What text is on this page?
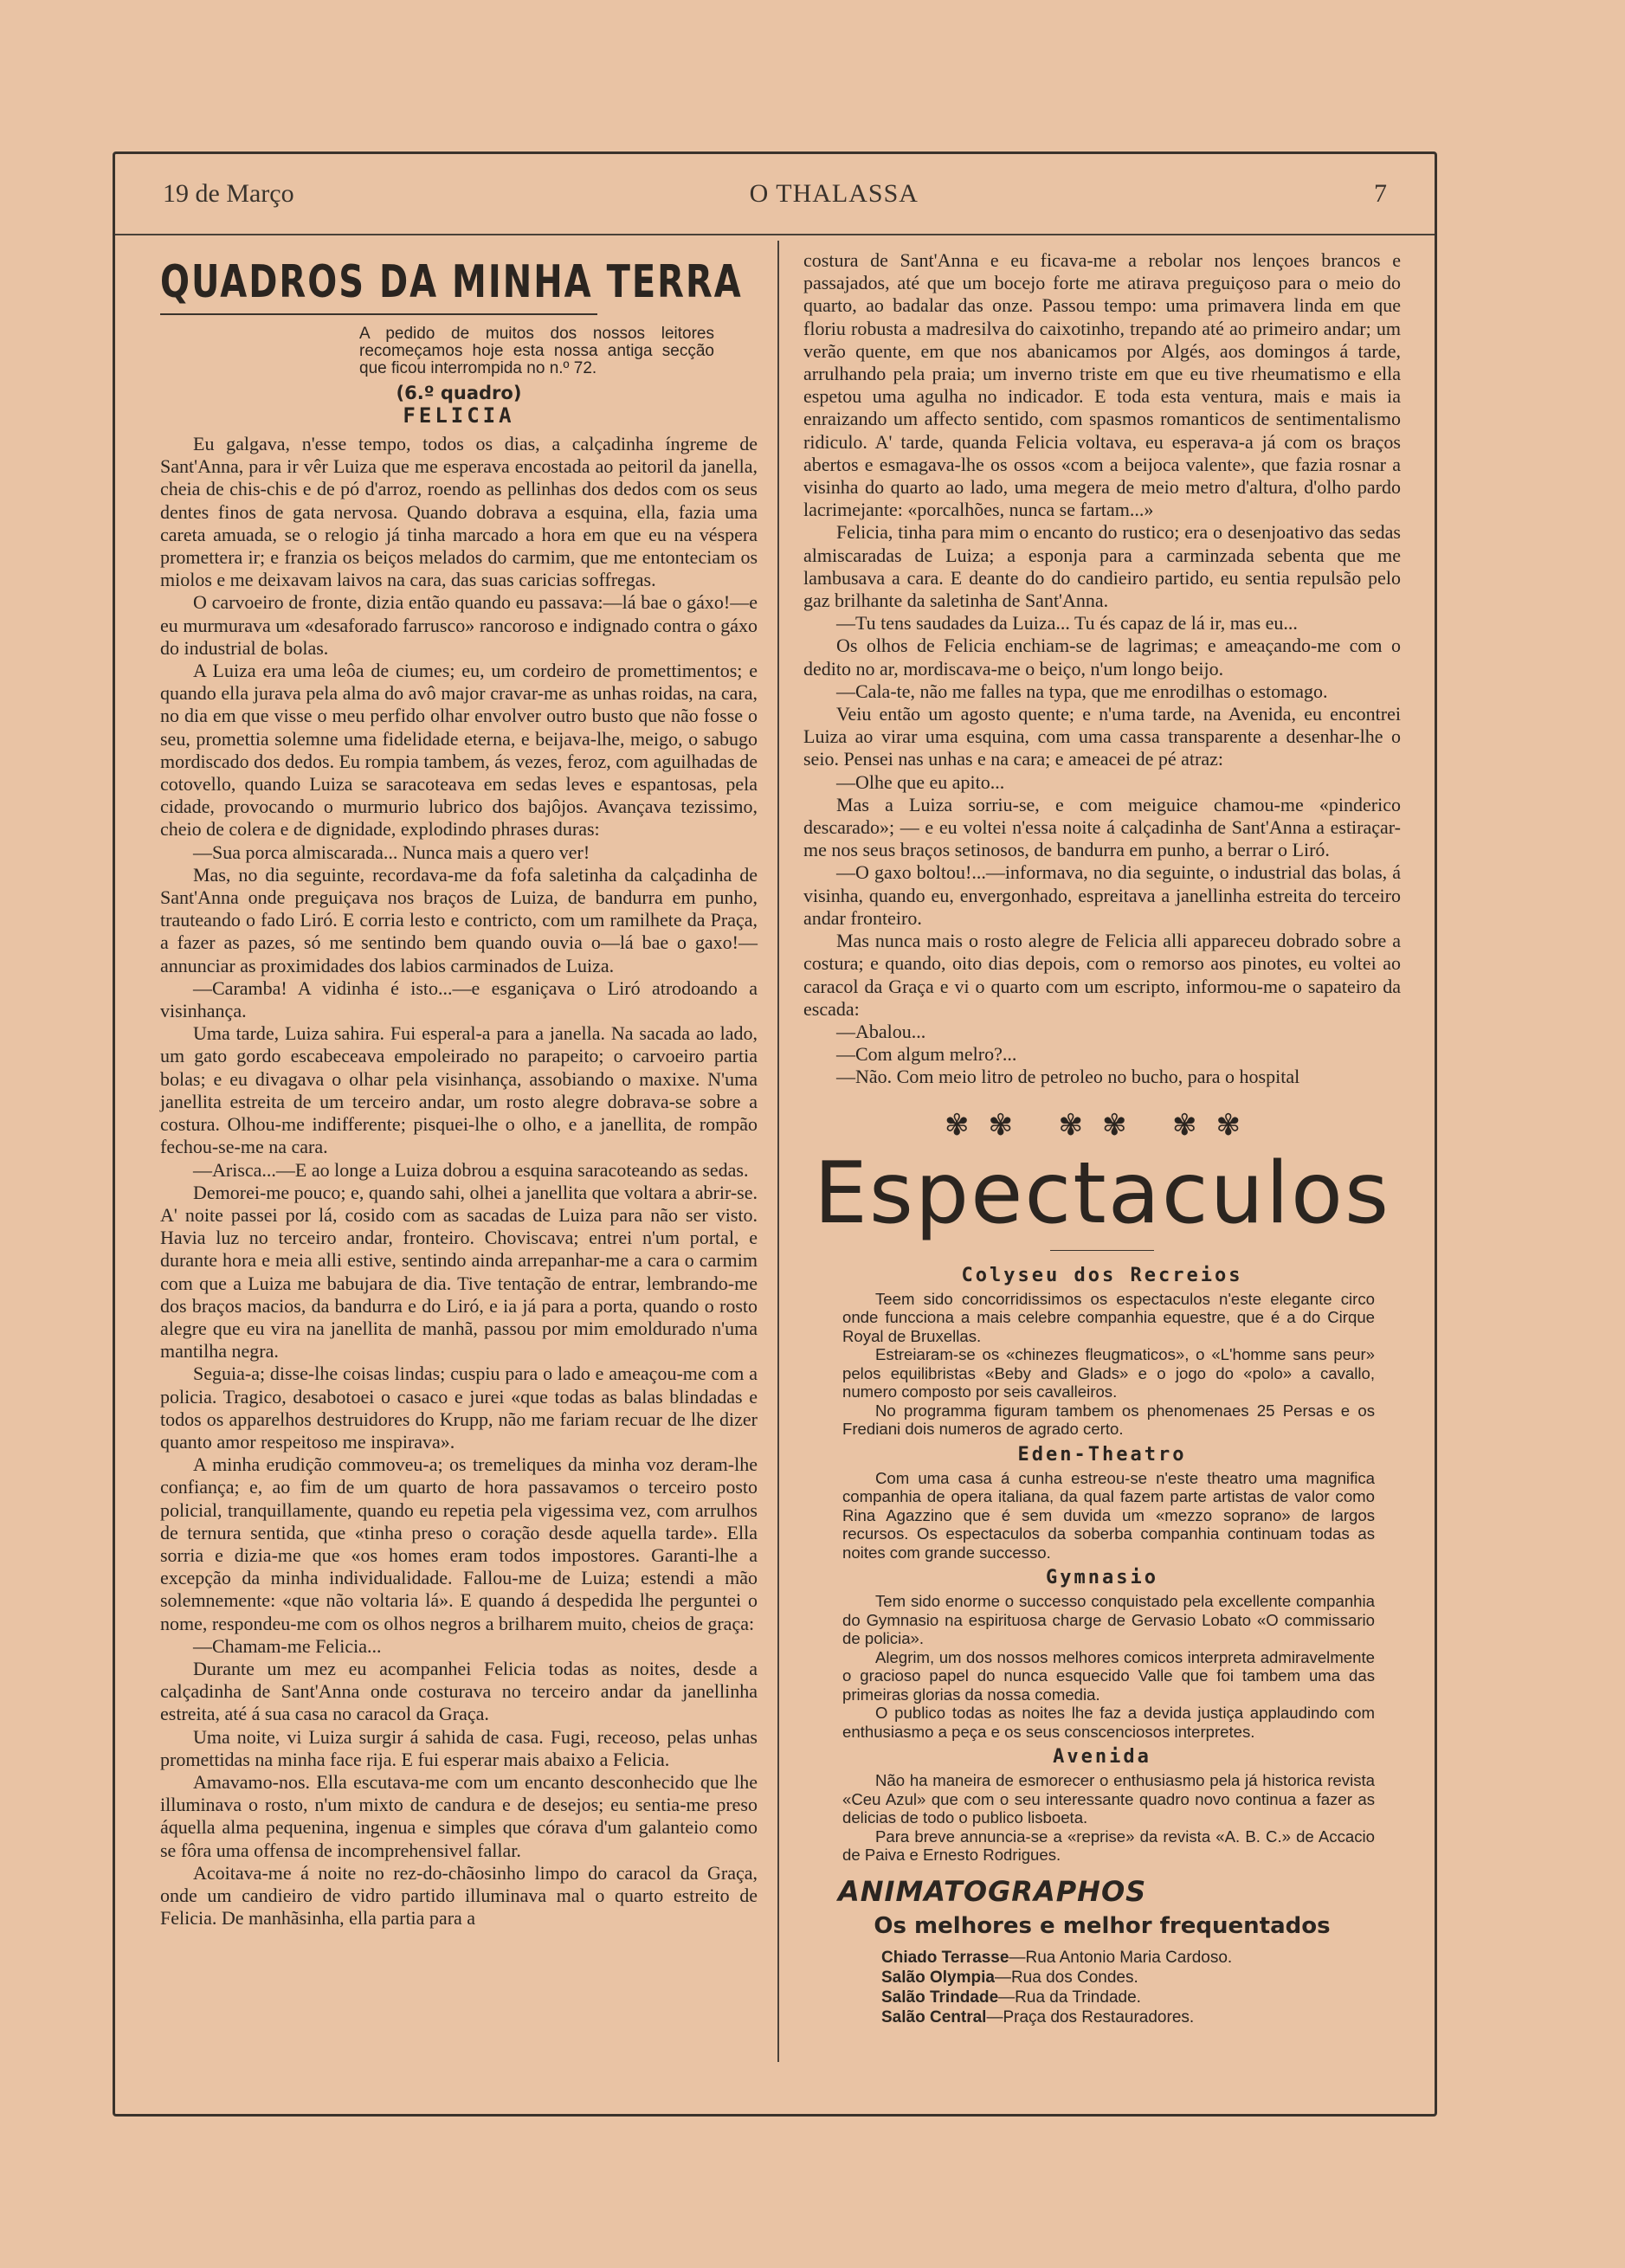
19 de Março	O THALASSA	7
QUADROS DA MINHA TERRA
A pedido de muitos dos nossos leitores recomeçamos hoje esta nossa antiga secção que ficou interrompida no n.º 72.
(6.º quadro)
FELICIA

Eu galgava, n'esse tempo, todos os dias, a calçadinha íngreme de Sant'Anna, para ir vêr Luiza que me esperava encostada ao peitoril da janella, cheia de chis-chis e de pó d'arroz, roendo as pellinhas dos dedos com os seus dentes finos de gata nervosa. Quando dobrava a esquina, ella, fazia uma careta amuada, se o relogio já tinha marcado a hora em que eu na véspera promettera ir; e franzia os beiços melados do carmim, que me entonteciam os miolos e me deixavam laivos na cara, das suas caricias soffregas.

O carvoeiro de fronte, dizia então quando eu passava:—lá bae o gáxo!—e eu murmurava um «desaforado farrusco» rancoroso e indignado contra o gáxo do industrial de bolas.

A Luiza era uma leôa de ciumes; eu, um cordeiro de promettimentos; e quando ella jurava pela alma do avô major cravar-me as unhas roidas, na cara, no dia em que visse o meu perfido olhar envolver outro busto que não fosse o seu, promettia solemne uma fidelidade eterna, e beijava-lhe, meigo, o sabugo mordiscado dos dedos. Eu rompia tambem, ás vezes, feroz, com aguilhadas de cotovello, quando Luiza se saracoteava em sedas leves e espantosas, pela cidade, provocando o murmurio lubrico dos bajôjos. Avançava tezissimo, cheio de colera e de dignidade, explodindo phrases duras:

—Sua porca almiscarada... Nunca mais a quero ver!

Mas, no dia seguinte, recordava-me da fofa saletinha da calçadinha de Sant'Anna onde preguiçava nos braços de Luiza, de bandurra em punho, trauteando o fado Liró. E corria lesto e contricto, com um ramilhete da Praça, a fazer as pazes, só me sentindo bem quando ouvia o—lá bae o gaxo!—annunciar as proximidades dos labios carminados de Luiza.

—Caramba! A vidinha é isto...—e esganiçava o Liró atrodoando a visinhança.

Uma tarde, Luiza sahira. Fui esperal-a para a janella. Na sacada ao lado, um gato gordo escabeceava empoleirado no parapeito; o carvoeiro partia bolas; e eu divagava o olhar pela visinhança, assobiando o maxixe. N'uma janellita estreita de um terceiro andar, um rosto alegre dobrava-se sobre a costura. Olhou-me indifferente; pisquei-lhe o olho, e a janellita, de rompão fechou-se-me na cara.

—Arisca...—E ao longe a Luiza dobrou a esquina saracoteando as sedas.

Demorei-me pouco; e, quando sahi, olhei a janellita que voltara a abrir-se. A' noite passei por lá, cosido com as sacadas de Luiza para não ser visto. Havia luz no terceiro andar, fronteiro. Choviscava; entrei n'um portal, e durante hora e meia alli estive, sentindo ainda arrepanhar-me a cara o carmim com que a Luiza me babujara de dia. Tive tentação de entrar, lembrando-me dos braços macios, da bandurra e do Liró, e ia já para a porta, quando o rosto alegre que eu vira na janellita de manhã, passou por mim emoldurado n'uma mantilha negra.

Seguia-a; disse-lhe coisas lindas; cuspiu para o lado e ameaçou-me com a policia. Tragico, desabotoei o casaco e jurei «que todas as balas blindadas e todos os apparelhos destruidores do Krupp, não me fariam recuar de lhe dizer quanto amor respeitoso me inspirava».

A minha erudição commoveu-a; os tremeliques da minha voz deram-lhe confiança; e, ao fim de um quarto de hora passavamos o terceiro posto policial, tranquillamente, quando eu repetia pela vigessima vez, com arrulhos de ternura sentida, que «tinha preso o coração desde aquella tarde». Ella sorria e dizia-me que «os homes eram todos impostores. Garanti-lhe a excepção da minha individualidade. Fallou-me de Luiza; estendi a mão solemnemente: «que não voltaria lá». E quando á despedida lhe perguntei o nome, respondeu-me com os olhos negros a brilharem muito, cheios de graça:

—Chamam-me Felicia...

Durante um mez eu acompanhei Felicia todas as noites, desde a calçadinha de Sant'Anna onde costurava no terceiro andar da janellinha estreita, até á sua casa no caracol da Graça.

Uma noite, vi Luiza surgir á sahida de casa. Fugi, receoso, pelas unhas promettidas na minha face rija. E fui esperar mais abaixo a Felicia.

Amavamo-nos. Ella escutava-me com um encanto desconhecido que lhe illuminava o rosto, n'um mixto de candura e de desejos; eu sentia-me preso áquella alma pequenina, ingenua e simples que córava d'um galanteio como se fôra uma offensa de incomprehensivel fallar.

Acoitava-me á noite no rez-do-chãosinho limpo do caracol da Graça, onde um candieiro de vidro partido illuminava mal o quarto estreito de Felicia. De manhãsinha, ella partia para a

costura de Sant'Anna e eu ficava-me a rebolar nos lençoes brancos e passajados, até que um bocejo forte me atirava preguiçoso para o meio do quarto, ao badalar das onze. Passou tempo: uma primavera linda em que floriu robusta a madresilva do caixotinho, trepando até ao primeiro andar; um verão quente, em que nos abanicamos por Algés, aos domingos á tarde, arrulhando pela praia; um inverno triste em que eu tive rheumatismo e ella espetou uma agulha no indicador. E toda esta ventura, mais e mais ia enraizando um affecto sentido, com spasmos romanticos de sentimentalismo ridiculo. A' tarde, quanda Felicia voltava, eu esperava-a já com os braços abertos e esmagava-lhe os ossos «com a beijoca valente», que fazia rosnar a visinha do quarto ao lado, uma megera de meio metro d'altura, d'olho pardo lacrimejante: «porcalhões, nunca se fartam...»

Felicia, tinha para mim o encanto do rustico; era o desenjoativo das sedas almiscaradas de Luiza; a esponja para a carminzada sebenta que me lambusava a cara. E deante do do candieiro partido, eu sentia repulsão pelo gaz brilhante da saletinha de Sant'Anna.

—Tu tens saudades da Luiza... Tu és capaz de lá ir, mas eu...

Os olhos de Felicia enchiam-se de lagrimas; e ameaçando-me com o dedito no ar, mordiscava-me o beiço, n'um longo beijo.

—Cala-te, não me falles na typa, que me enrodilhas o estomago.

Veiu então um agosto quente; e n'uma tarde, na Avenida, eu encontrei Luiza ao virar uma esquina, com uma cassa transparente a desenhar-lhe o seio. Pensei nas unhas e na cara; e ameacei de pé atraz:

—Olhe que eu apito...

Mas a Luiza sorriu-se, e com meiguice chamou-me «pinderico descarado»; — e eu voltei n'essa noite á calçadinha de Sant'Anna a estiraçar-me nos seus braços setinosos, de bandurra em punho, a berrar o Liró.

—O gaxo boltou!...—informava, no dia seguinte, o industrial das bolas, á visinha, quando eu, envergonhado, espreitava a janellinha estreita do terceiro andar fronteiro.

Mas nunca mais o rosto alegre de Felicia alli appareceu dobrado sobre a costura; e quando, oito dias depois, com o remorso aos pinotes, eu voltei ao caracol da Graça e vi o quarto com um escripto, informou-me o sapateiro da escada:

—Abalou...

—Com algum melro?...

—Não. Com meio litro de petroleo no bucho, para o hospital

✾✾ ✾✾ ✾✾
Espectaculos
Colyseu dos Recreios

Teem sido concorridissimos os espectaculos n'este elegante circo onde funcciona a mais celebre companhia equestre, que é a do Cirque Royal de Bruxellas.

Estreiaram-se os «chinezes fleugmaticos», o «L'homme sans peur» pelos equilibristas «Beby and Glads» e o jogo do «polo» a cavallo, numero composto por seis cavalleiros.

No programma figuram tambem os phenomenaes 25 Persas e os Frediani dois numeros de agrado certo.

Eden-Theatro

Com uma casa á cunha estreou-se n'este theatro uma magnifica companhia de opera italiana, da qual fazem parte artistas de valor como Rina Agazzino que é sem duvida um «mezzo soprano» de largos recursos. Os espectaculos da soberba companhia continuam todas as noites com grande successo.

Gymnasio

Tem sido enorme o successo conquistado pela excellente companhia do Gymnasio na espirituosa charge de Gervasio Lobato «O commissario de policia».

Alegrim, um dos nossos melhores comicos interpreta admiravelmente o gracioso papel do nunca esquecido Valle que foi tambem uma das primeiras glorias da nossa comedia.

O publico todas as noites lhe faz a devida justiça applaudindo com enthusiasmo a peça e os seus conscenciosos interpretes.

Avenida

Não ha maneira de esmorecer o enthusiasmo pela já historica revista «Ceu Azul» que com o seu interessante quadro novo continua a fazer as delicias de todo o publico lisboeta.

Para breve annuncia-se a «reprise» da revista «A. B. C.» de Accacio de Paiva e Ernesto Rodrigues.

ANIMATOGRAPHOS
Os melhores e melhor frequentados
Chiado Terrasse—Rua Antonio Maria Cardoso.
Salão Olympia—Rua dos Condes.
Salão Trindade—Rua da Trindade.
Salão Central—Praça dos Restauradores.
